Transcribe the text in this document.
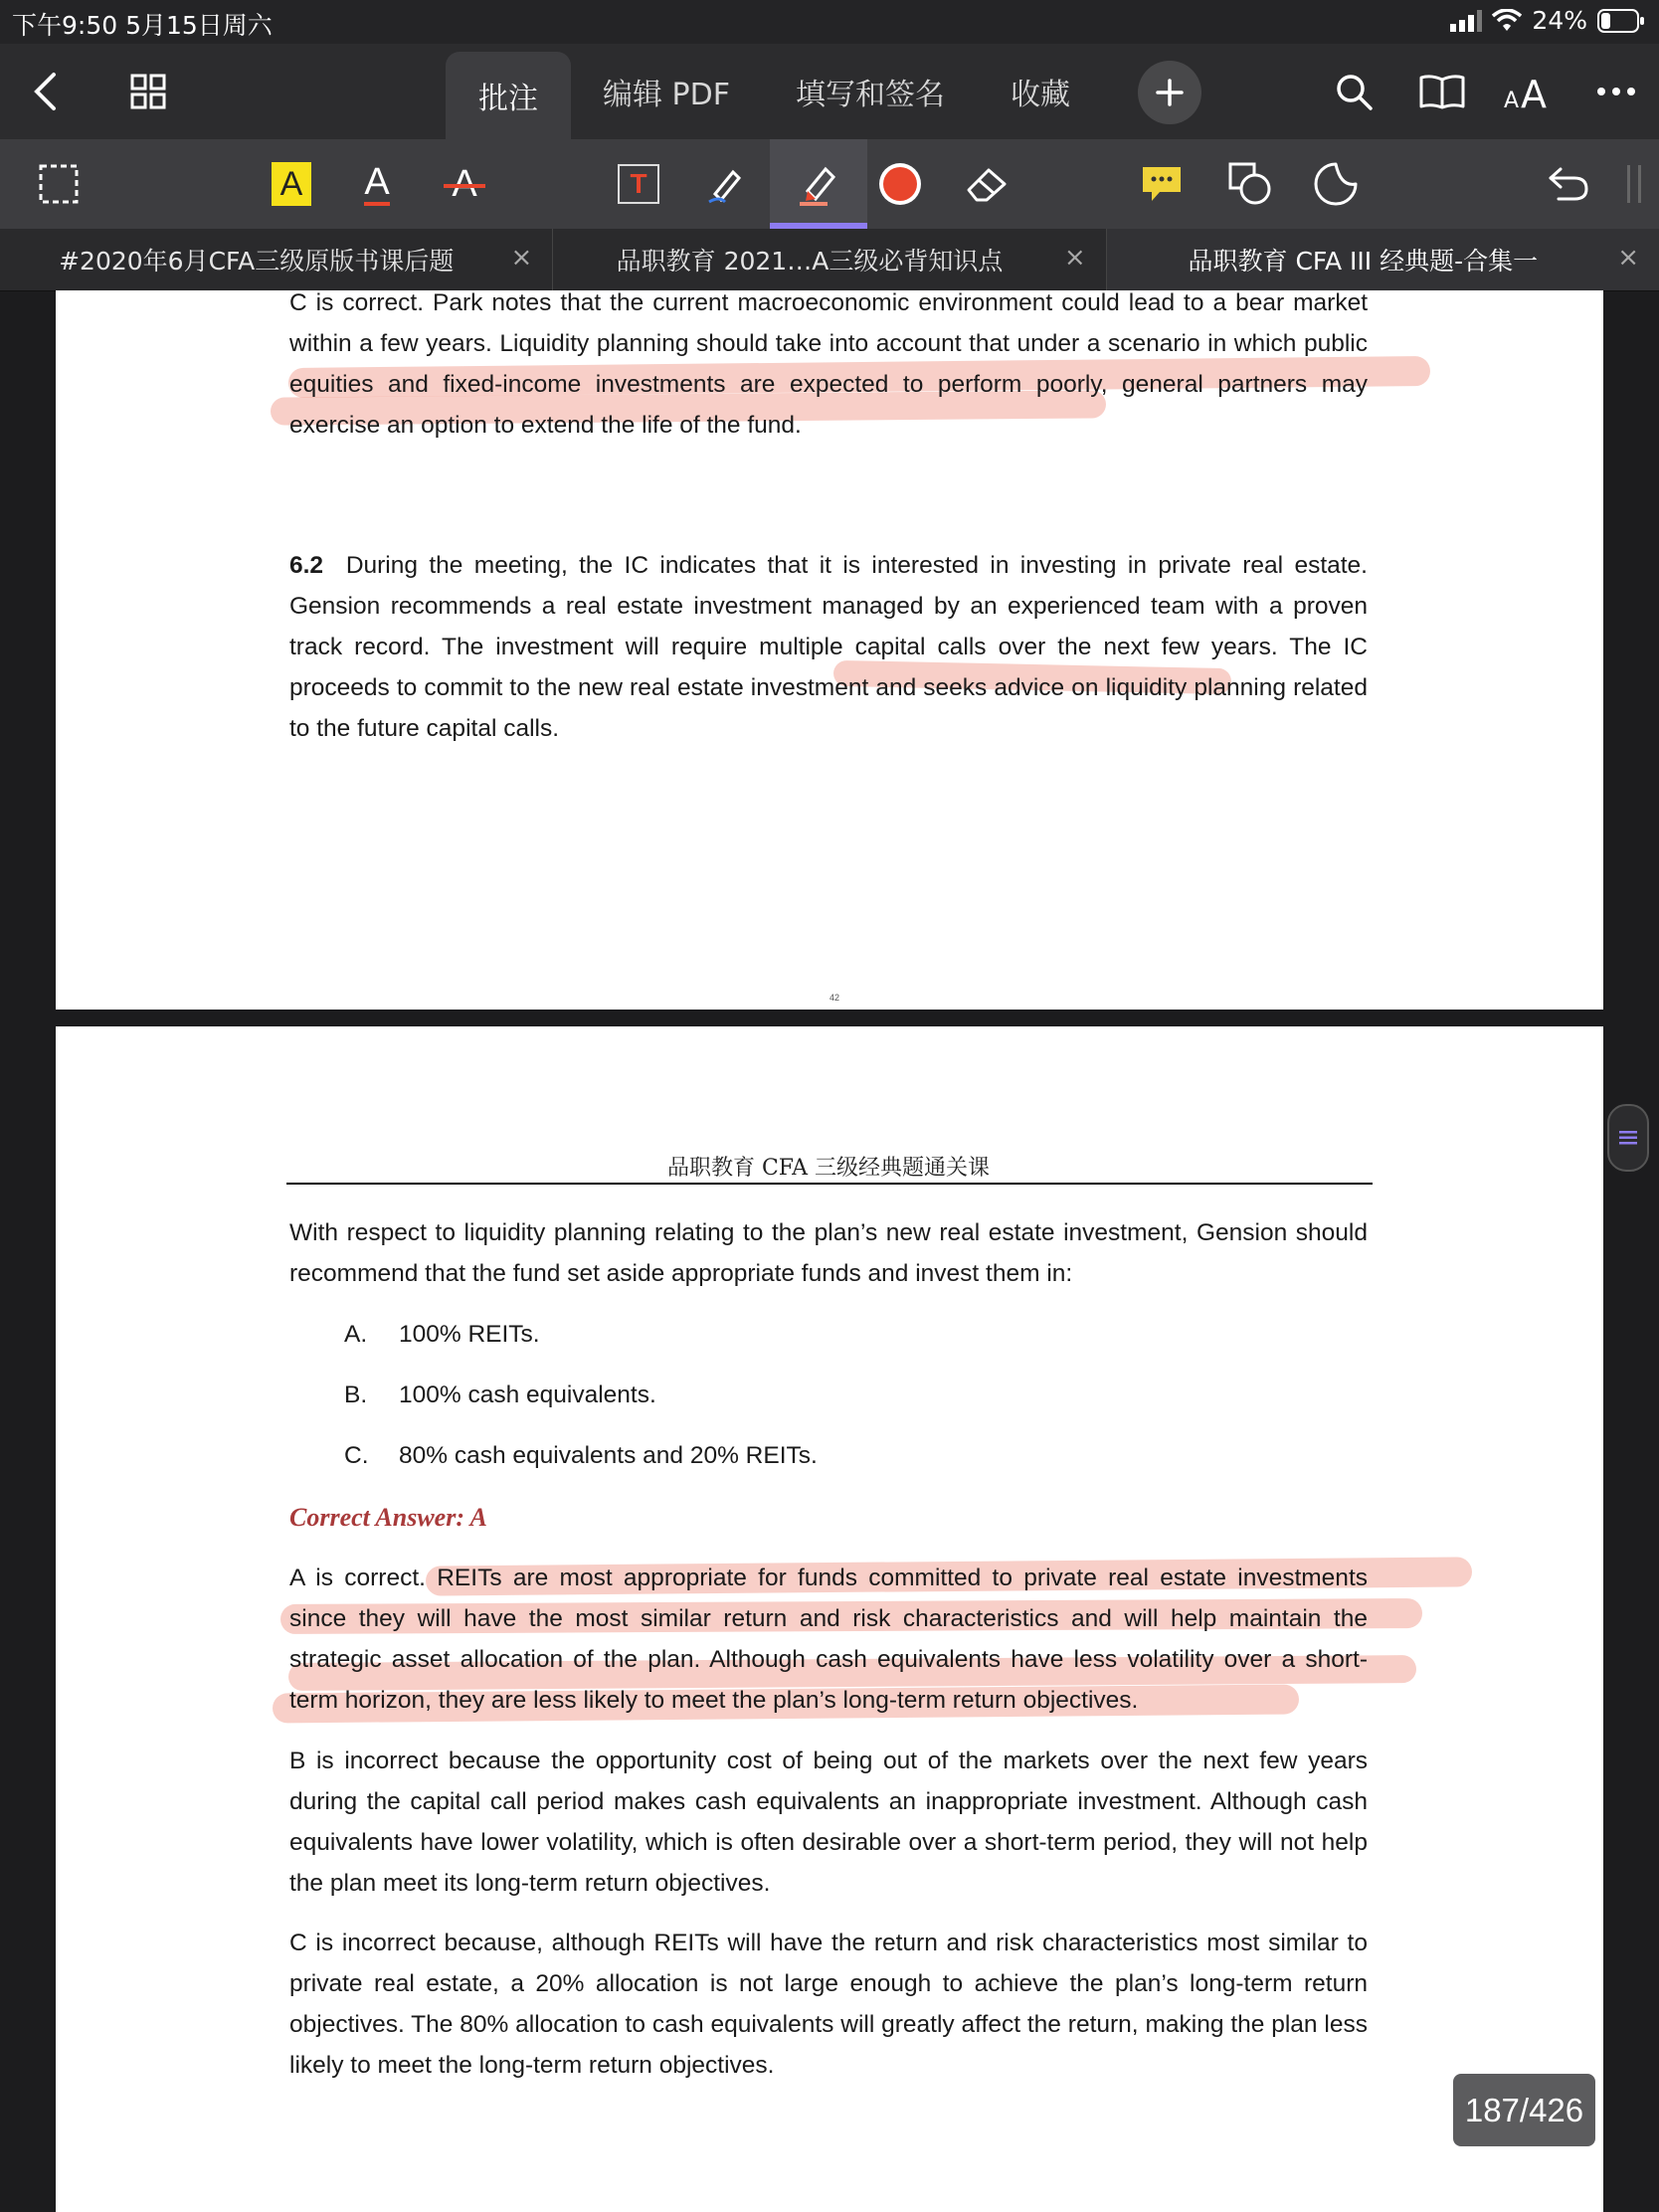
下午9:50 5月15日周六	24%
批注	编辑 PDF	填写和签名	收藏	A A
A A	T
#2020年6月CFA三级原版书课后题 ×	品职教育 2021…A三级必背知识点 ×	品职教育 CFA III 经典题-合集一	×
42
C is correct. Park notes that the current macroeconomic environment could lead to a bear market within a few years. Liquidity planning should take into account that under a scenario in which public equities and fixed-income investments are expected to perform poorly, general partners may exercise an option to extend the life of the fund.
6.2 During the meeting, the IC indicates that it is interested in investing in private real estate. Gension recommends a real estate investment managed by an experienced team with a proven track record. The investment will require multiple capital calls over the next few years. The IC proceeds to commit to the new real estate investment and seeks advice on liquidity planning related to the future capital calls.
品职教育 CFA 三级经典题通关课
With respect to liquidity planning relating to the plan’s new real estate investment, Gension should recommend that the fund set aside appropriate funds and invest them in:
A. 100% REITs.
B. 100% cash equivalents.
C. 80% cash equivalents and 20% REITs.
Correct Answer: A
A is correct. REITs are most appropriate for funds committed to private real estate investments since they will have the most similar return and risk characteristics and will help maintain the strategic asset allocation of the plan. Although cash equivalents have less volatility over a short-term horizon, they are less likely to meet the plan’s long-term return objectives.
B is incorrect because the opportunity cost of being out of the markets over the next few years during the capital call period makes cash equivalents an inappropriate investment. Although cash equivalents have lower volatility, which is often desirable over a short-term period, they will not help the plan meet its long-term return objectives.
C is incorrect because, although REITs will have the return and risk characteristics most similar to private real estate, a 20% allocation is not large enough to achieve the plan’s long-term return objectives. The 80% allocation to cash equivalents will greatly affect the return, making the plan less likely to meet the long-term return objectives.
187/426
